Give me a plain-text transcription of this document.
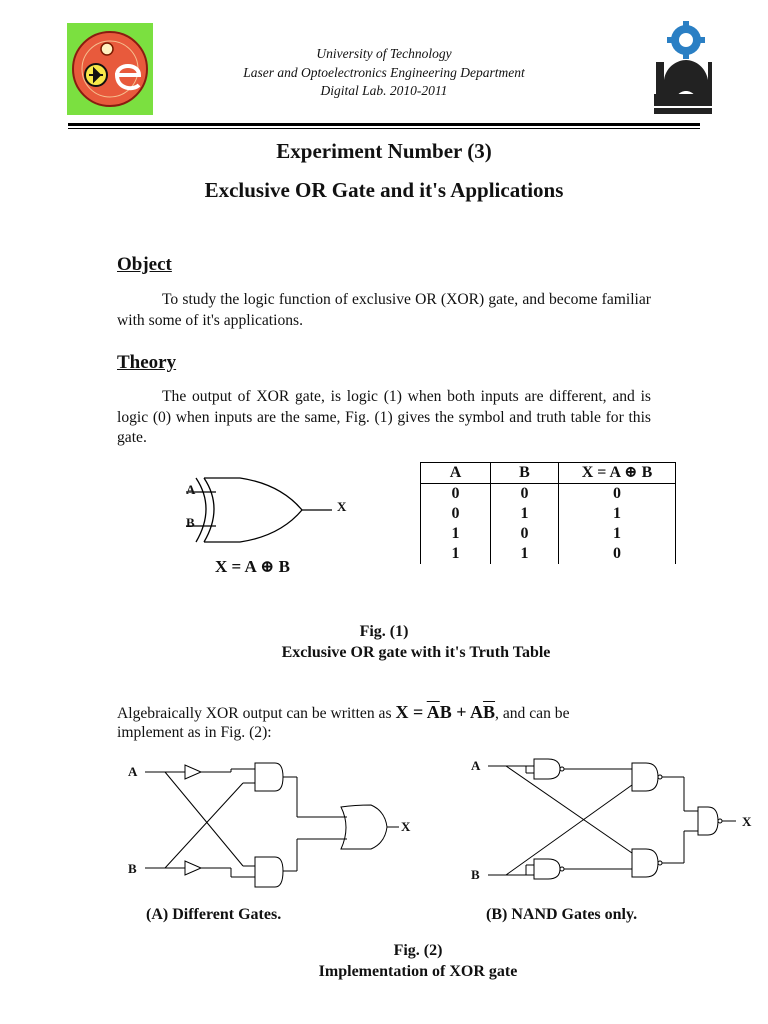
University of Technology
Laser and Optoelectronics Engineering Department
Digital Lab. 2010-2011
Experiment Number (3)
Exclusive OR Gate and it's Applications
Object
To study the logic function of exclusive OR (XOR) gate, and become familiar with some of it's applications.
Theory
The output of XOR gate, is logic (1) when both inputs are different, and is logic (0) when inputs are the same, Fig. (1) gives the symbol and truth table for this gate.
A
B
X
X = A ⊕ B
A	B	X = A ⊕ B
0	0	0
0	1	1
1	0	1
1	1	0
Fig. (1)
Exclusive OR gate with it's Truth Table
Algebraically XOR output can be written as $X = \overline{A}B + A\overline{B}$, and can be
implement as in Fig. (2):
A
B
X
A
B
X
(A) Different Gates.	(B) NAND Gates only.
Fig. (2)
Implementation of XOR gate
